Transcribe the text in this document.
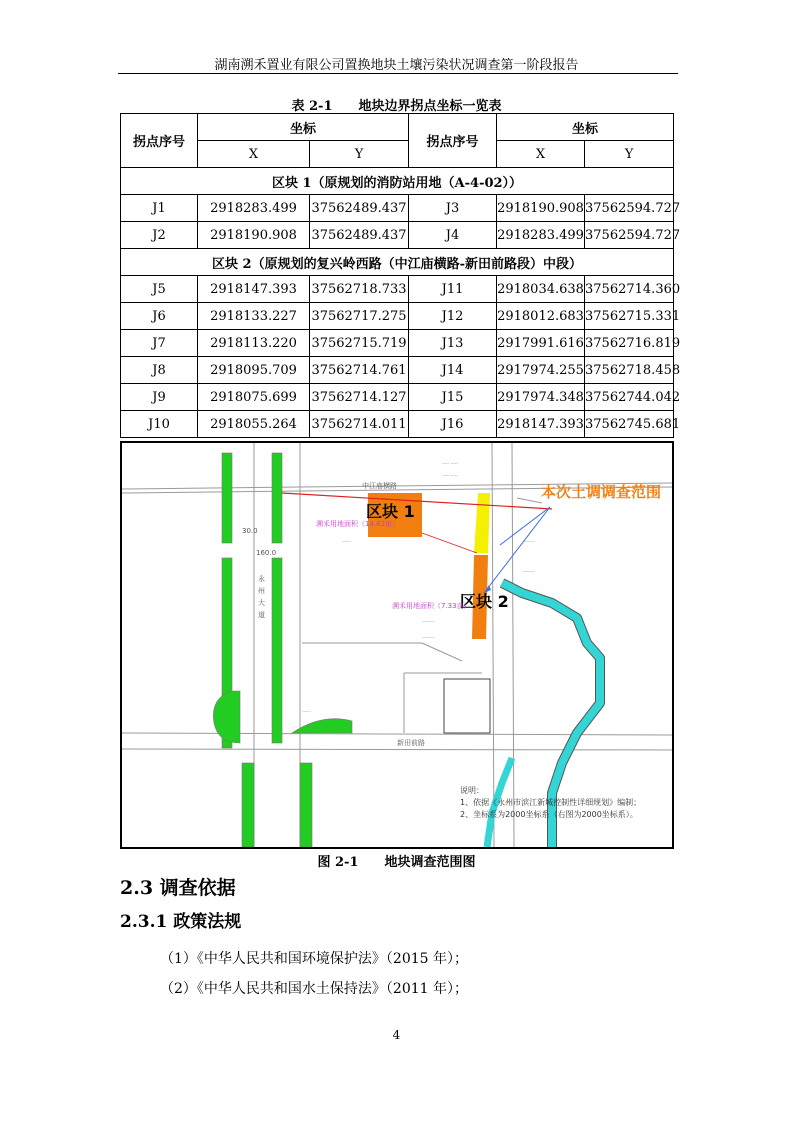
湖南溯禾置业有限公司置换地块土壤污染状况调查第一阶段报告
表 2-1　　地块边界拐点坐标一览表
拐点序号	坐标		拐点序号	坐标	
	X	Y		X	Y
区块 1（原规划的消防站用地（A-4-02））					
J1	2918283.499	37562489.437	J3	2918190.908	37562594.727
J2	2918190.908	37562489.437	J4	2918283.499	37562594.727
区块 2（原规划的复兴岭西路（中江庙横路-新田前路段）中段）					
J5	2918147.393	37562718.733	J11	2918034.638	37562714.360
J6	2918133.227	37562717.275	J12	2918012.683	37562715.331
J7	2918113.220	37562715.719	J13	2917991.616	37562716.819
J8	2918095.709	37562714.761	J14	2917974.255	37562718.458
J9	2918075.699	37562714.127	J15	2917974.348	37562744.042
J10	2918055.264	37562714.011	J16	2918147.393	37562745.681
---- ----
---- ----
-------
-------
-------
-------
-----
-----
区块 1
区块 2
本次土调调查范围
中江庙横路
新田前路
永州大道
溯禾用地面积（14.62亩）
溯禾用地面积（7.33亩）
30.0
160.0
说明：
1、依据《永州市滨江新城控制性详细规划》编制；
2、坐标系为2000坐标系（右图为2000坐标系）。
图 2-1　　地块调查范围图
2.3 调查依据
2.3.1 政策法规
（1）《中华人民共和国环境保护法》（2015 年）；
（2）《中华人民共和国水土保持法》（2011 年）；
4
